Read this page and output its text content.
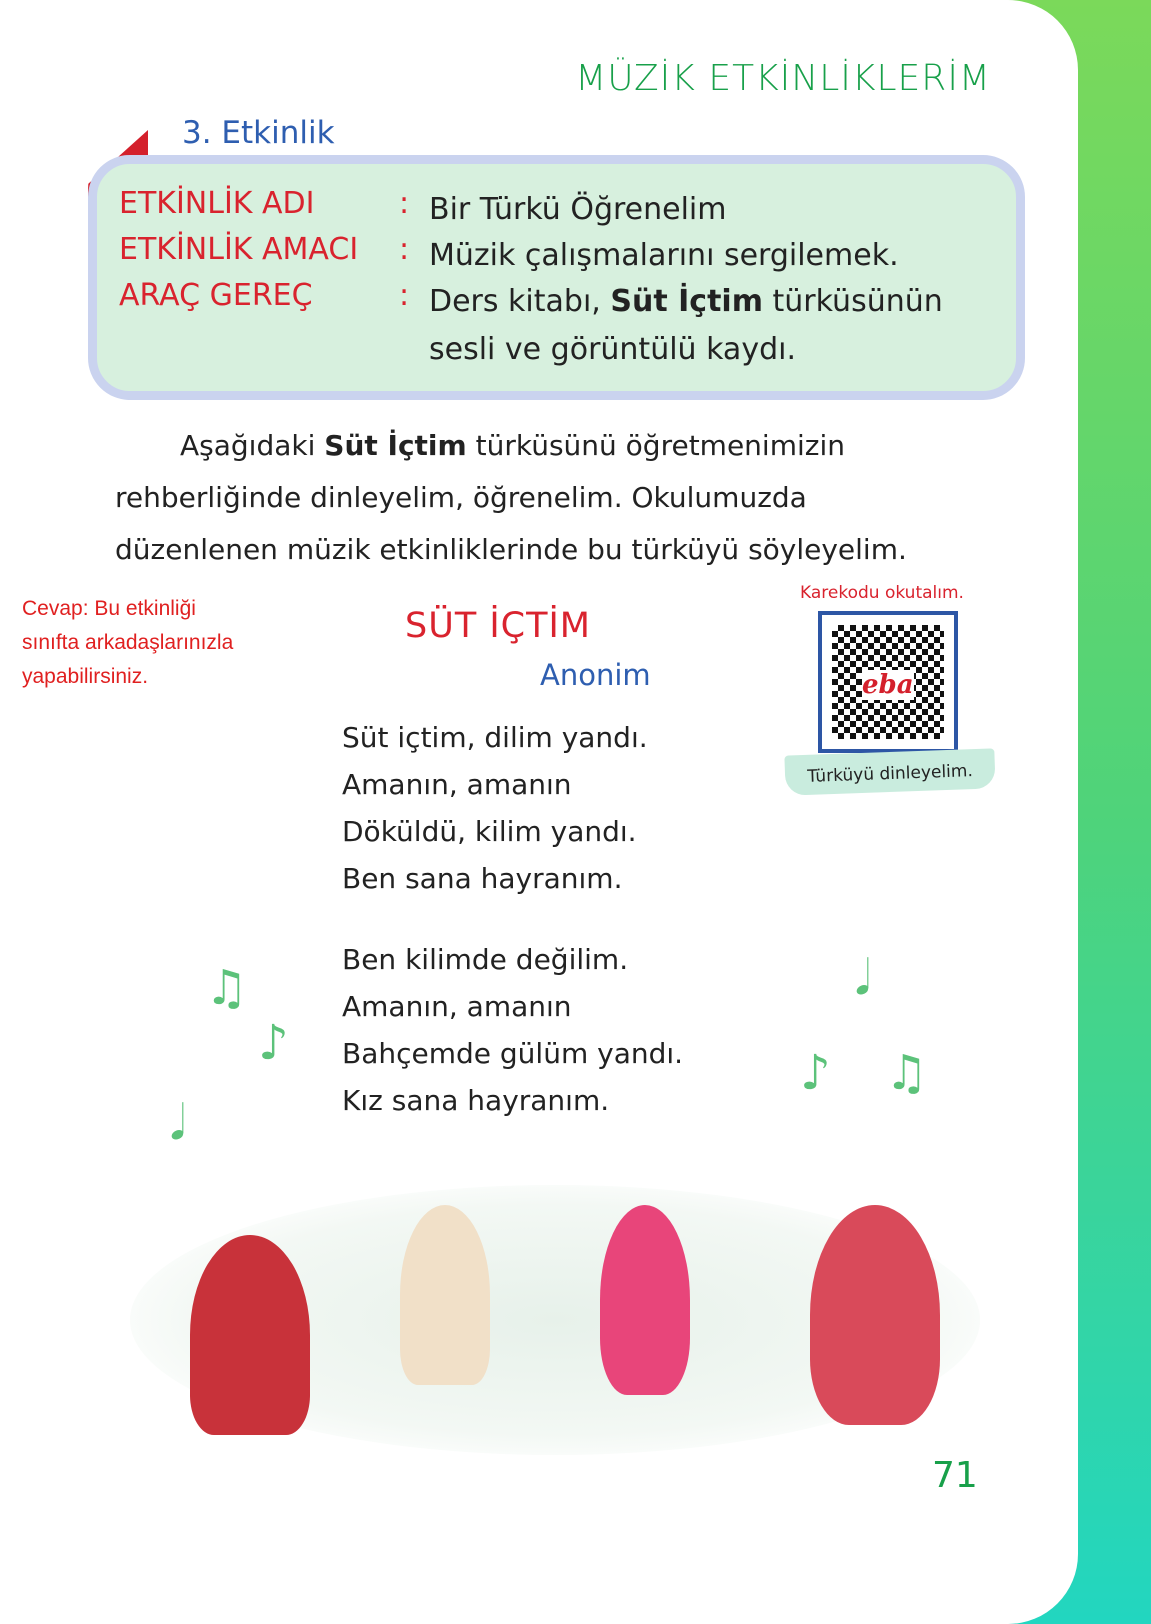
MÜZİK ETKİNLİKLERİM
3. Etkinlik
ETKİNLİK ADI	: Bir Türkü Öğrenelim
ETKİNLİK AMACI	: Müzik çalışmalarını sergilemek.
ARAÇ GEREÇ	: Ders kitabı, Süt İçtim türküsünün sesli ve görüntülü kaydı.
Aşağıdaki Süt İçtim türküsünü öğretmenimizin rehberliğinde dinleyelim, öğrenelim. Okulumuzda düzenlenen müzik etkinliklerinde bu türküyü söyleyelim.
Cevap: Bu etkinliği
sınıfta arkadaşlarınızla
yapabilirsiniz.
SÜT İÇTİM
Anonim
Süt içtim, dilim yandı.
Amanın, amanın
Döküldü, kilim yandı.
Ben sana hayranım.
Ben kilimde değilim.
Amanın, amanın
Bahçemde gülüm yandı.
Kız sana hayranım.
Karekodu okutalım.
eba
Türküyü dinleyelim.
♫
♪
𝅘𝅥
𝅘𝅥
♪ ♫
71
